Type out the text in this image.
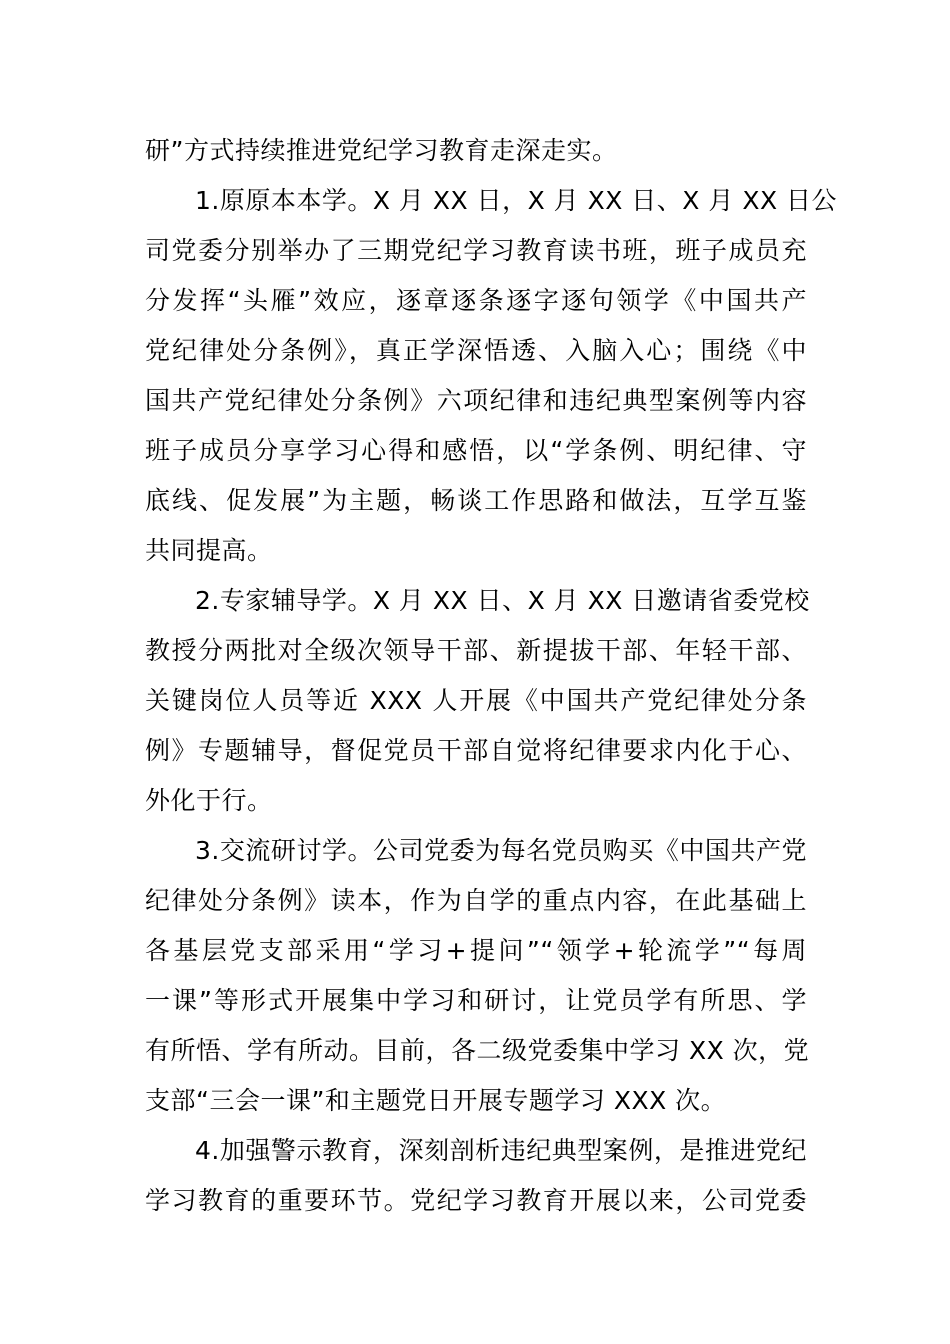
研”方式持续推进党纪学习教育走深走实。
1.原原本本学。X 月 XX 日，X 月 XX 日、X 月 XX 日公
司党委分别举办了三期党纪学习教育读书班，班子成员充
分发挥“头雁”效应，逐章逐条逐字逐句领学《中国共产
党纪律处分条例》，真正学深悟透、入脑入心；围绕《中
国共产党纪律处分条例》六项纪律和违纪典型案例等内容
班子成员分享学习心得和感悟，以“学条例、明纪律、守
底线、促发展”为主题，畅谈工作思路和做法，互学互鉴
共同提高。
2.专家辅导学。X 月 XX 日、X 月 XX 日邀请省委党校
教授分两批对全级次领导干部、新提拔干部、年轻干部、
关键岗位人员等近 XXX 人开展《中国共产党纪律处分条
例》专题辅导，督促党员干部自觉将纪律要求内化于心、
外化于行。
3.交流研讨学。公司党委为每名党员购买《中国共产党
纪律处分条例》读本，作为自学的重点内容，在此基础上
各基层党支部采用“学习+提问”“领学+轮流学”“每周
一课”等形式开展集中学习和研讨，让党员学有所思、学
有所悟、学有所动。目前，各二级党委集中学习 XX 次，党
支部“三会一课”和主题党日开展专题学习 XXX 次。
4.加强警示教育，深刻剖析违纪典型案例，是推进党纪
学习教育的重要环节。党纪学习教育开展以来，公司党委
